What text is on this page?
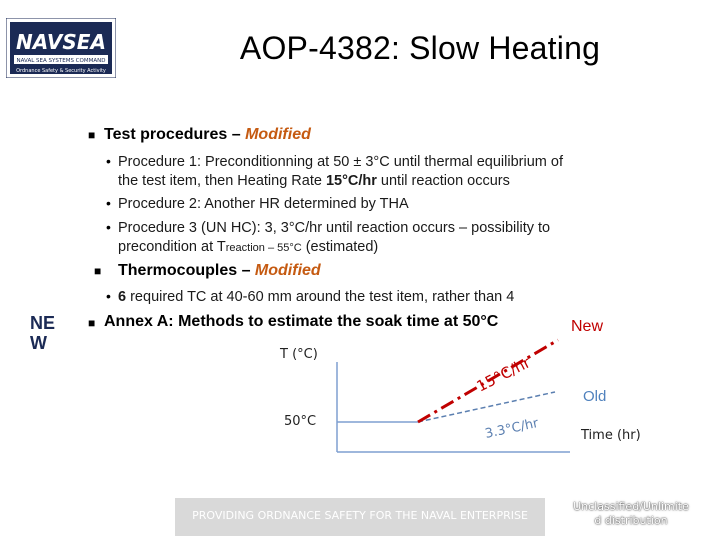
NAVSEA
NAVAL SEA SYSTEMS COMMAND
Ordnance Safety & Security Activity
AOP-4382: Slow Heating
■ Test procedures – Modified
• Procedure 1: Preconditionning at 50 ± 3°C until thermal equilibrium of
the test item, then Heating Rate 15°C/hr until reaction occurs
• Procedure 2: Another HR determined by THA
• Procedure 3 (UN HC): 3, 3°C/hr until reaction occurs – possibility to
precondition at Treaction – 55°C (estimated)
■ Thermocouples – Modified
• 6 required TC at 40-60 mm around the test item, rather than 4
■ Annex A: Methods to estimate the soak time at 50°C
NE
W
15°C/hr
3.3°C/hr
T (°C)
50°C
Time (hr)
New
Old
PROVIDING ORDNANCE SAFETY FOR THE NAVAL ENTERPRISE
Unclassified/Unlimite
d distribution
